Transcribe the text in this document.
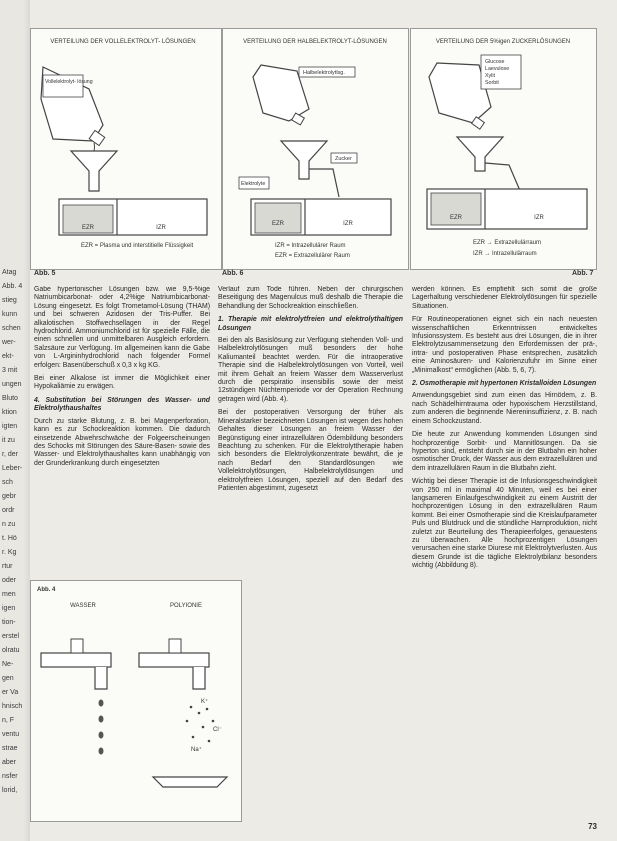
Atag
Abb. 4
stieg
kunn
schen
wer-
ekt-
3 mit
ungen
Bluto
ktion
igten
it zu
r, der
Leber-
sch
gebr
ordr
n zu
t. Hö
r. Kg
rtur
oder
men
igen
tion-
erstel
olratu
Ne-
gen
er Va
hnisch
n, F
ventu
strae
aber
nsfer
lorid,
VERTEILUNG DER VOLLELEKTROLYT- LÖSUNGEN
Vollelektrolyt- lösung
EZR	IZR
EZR = Plasma und interstitielle Flüssigkeit
VERTEILUNG DER HALBELEKTROLYT-LÖSUNGEN
Halbelektrolytlsg.
Zucker
Elektrolyte
EZR	IZR
IZR = Intrazellulärer Raum
EZR = Extrazellulärer Raum
VERTEILUNG DER 5%igen ZUCKERLÖSUNGEN
Glucose
Laevulose
Xylit
Sorbit
EZR	IZR
EZR → Extrazellulärraum
IZR → Intrazellulärraum
Abb. 5	Abb. 6	Abb. 7

Gabe hypertonischer Lösungen bzw. wie 9,5-%ige Natriumbicarbonat- oder 4,2%ige Natriumbicarbonat-Lösung eingesetzt. Es folgt Trometamol-Lösung (THAM) und bei schweren Azidosen der Tris-Puffer. Bei alkalotischen Stoffwechsellagen in der Regel hydrochlorid. Ammoniumchlorid ist für spezielle Fälle, die einen schnellen und unmittelbaren Ausgleich erfordern. Salzsäure zur Verfügung. Im allgemeinen kann die Gabe von L-Argininhydrochlorid nach folgender Formel erfolgen: Basenüberschuß x 0,3 x kg KG.

Bei einer Alkalose ist immer die Möglichkeit einer Hypokaliämie zu erwägen.

4. Substitution bei Störungen des Wasser- und Elektrolythaushaltes

Durch zu starke Blutung, z. B. bei Magenperforation, kann es zur Schockreaktion kommen. Die dadurch einsetzende Abwehrschwäche der Folgeerscheinungen des Schocks mit Störungen des Säure-Basen- sowie des Wasser- und Elektrolythaushaltes kann unabhängig von der Grunderkrankung durch eingesetzten

Abb. 4
WASSER	POLYIONIE
K⁺
Cl⁻
Na⁺

Verlauf zum Tode führen. Neben der chirurgischen Beseitigung des Magenulcus muß deshalb die Therapie die Behandlung der Schockreaktion einschließen.

1. Therapie mit elektrolytfreien und elektrolythaltigen Lösungen

Bei den als Basislösung zur Verfügung stehenden Voll- und Halbelektrolytlösungen muß besonders der hohe Kaliumanteil beachtet werden. Für die intraoperative Therapie sind die Halbelektrolytlösungen von Vorteil, weil mit ihrem Gehalt an freiem Wasser dem Wasserverlust durch die perspiratio insensibilis sowie der meist 12stündigen Nüchternperiode vor der Operation Rechnung getragen wird (Abb. 4).

Bei der postoperativen Versorgung der früher als Mineralstarker bezeichneten Lösungen ist wegen des hohen Gehaltes dieser Lösungen an freiem Wasser der Begünstigung einer intrazellulären Ödembildung besonders Beachtung zu schenken. Für die Elektrolyttherapie haben sich besonders die Elektrolytkonzentrate bewährt, die je nach Bedarf den Standardlösungen wie Vollelektrolytlösungen, Halbelektrolytlösungen und elektrolytfreien Lösungen, speziell auf den Bedarf des Patienten abgestimmt, zugesetzt

werden können. Es empfiehlt sich somit die große Lagerhaltung verschiedener Elektrolytlösungen für spezielle Situationen.

Für Routineoperationen eignet sich ein nach neuesten wissenschaftlichen Erkenntnissen entwickeltes Infusionssystem. Es besteht aus drei Lösungen, die in ihrer Elektrolytzusammensetzung den Erfordernissen der prä-, intra- und postoperativen Phase entsprechen, zusätzlich eine Aminosäuren- und Kalorienzufuhr im Sinne einer „Minimalkost“ ermöglichen (Abb. 5, 6, 7).

2. Osmotherapie mit hypertonen Kristalloiden Lösungen

Anwendungsgebiet sind zum einen das Hirnödem, z. B. nach Schädelhirntrauma oder hypoxischem Herzstillstand, zum anderen die beginnende Niereninsuffizienz, z. B. nach einem Schockzustand.

Die heute zur Anwendung kommenden Lösungen sind hochprozentige Sorbit- und Mannitlösungen. Da sie hyperton sind, entsteht durch sie in der Blutbahn ein hoher osmotischer Druck, der Wasser aus dem extrazellulären und dem intrazellulären Raum in die Blutbahn zieht.

Wichtig bei dieser Therapie ist die Infusionsgeschwindigkeit von 250 ml in maximal 40 Minuten, weil es bei einer langsameren Einlaufgeschwindigkeit zu einem Austritt der hochprozentigen Lösung in den extrazellulären Raum kommt. Bei einer Osmotherapie sind die Kreislaufparameter Puls und Blutdruck und die stündliche Harnproduktion, nicht zuletzt zur Beurteilung des Therapieerfolges, genauestens zu überwachen. Alle hochprozentigen Lösungen verursachen eine starke Diurese mit Elektrolytverlusten. Aus diesem Grunde ist die tägliche Elektrolytbilanz besonders wichtig (Abbildung 8).

73
